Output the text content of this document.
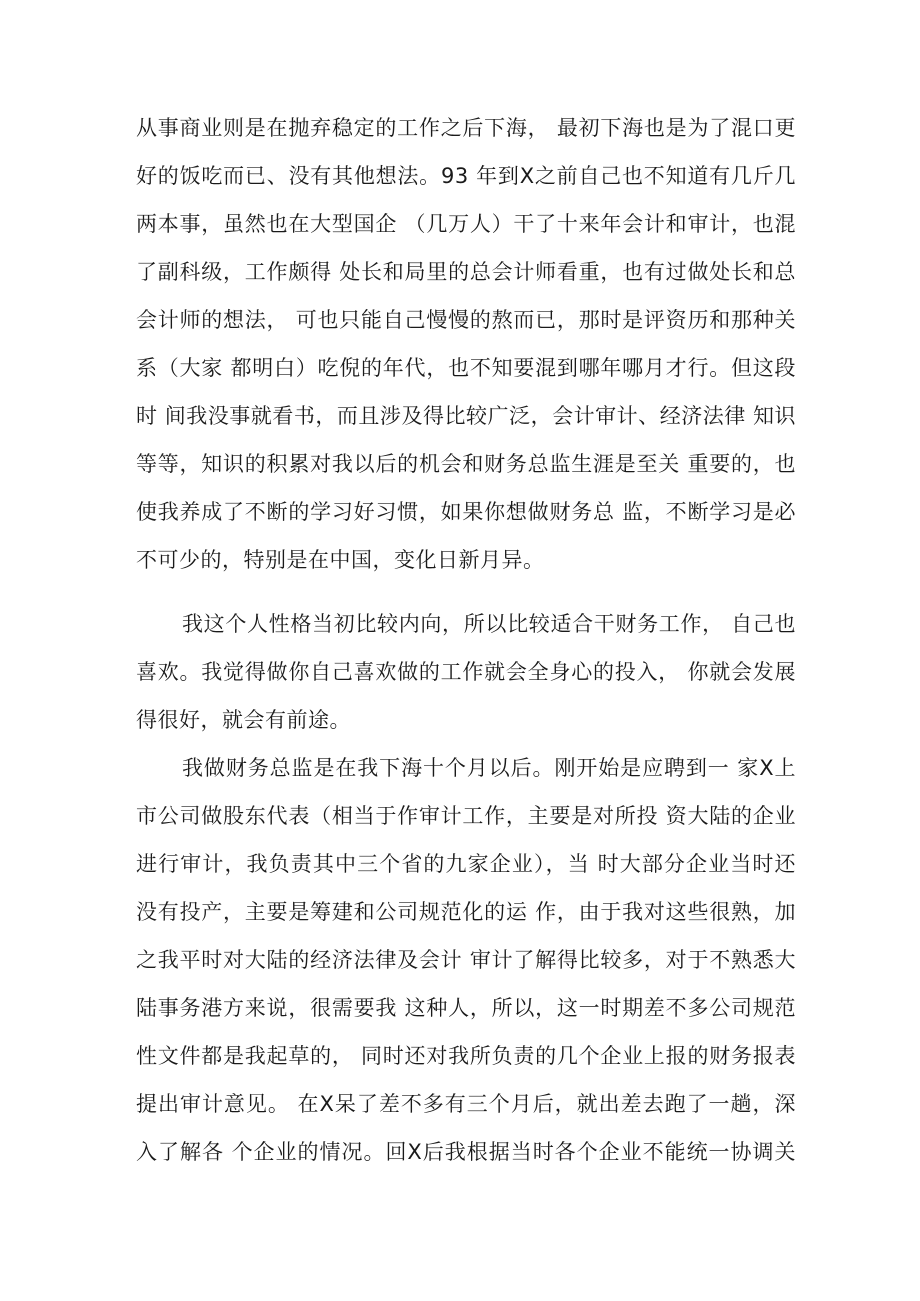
从事商业则是在抛弃稳定的工作之后下海， 最初下海也是为了混口更
好的饭吃而已、没有其他想法。93 年到X之前自己也不知道有几斤几
两本事，虽然也在大型国企 （几万人）干了十来年会计和审计，也混
了副科级，工作颇得 处长和局里的总会计师看重，也有过做处长和总
会计师的想法， 可也只能自己慢慢的熬而已，那时是评资历和那种关
系（大家 都明白）吃倪的年代，也不知要混到哪年哪月才行。但这段
时 间我没事就看书，而且涉及得比较广泛，会计审计、经济法律 知识
等等，知识的积累对我以后的机会和财务总监生涯是至关 重要的，也
使我养成了不断的学习好习惯，如果你想做财务总 监，不断学习是必
不可少的，特别是在中国，变化日新月异。
我这个人性格当初比较内向，所以比较适合干财务工作， 自己也
喜欢。我觉得做你自己喜欢做的工作就会全身心的投入， 你就会发展
得很好，就会有前途。
我做财务总监是在我下海十个月以后。刚开始是应聘到一 家X上
市公司做股东代表（相当于作审计工作，主要是对所投 资大陆的企业
进行审计，我负责其中三个省的九家企业），当 时大部分企业当时还
没有投产，主要是筹建和公司规范化的运 作，由于我对这些很熟，加
之我平时对大陆的经济法律及会计 审计了解得比较多，对于不熟悉大
陆事务港方来说，很需要我 这种人，所以，这一时期差不多公司规范
性文件都是我起草的， 同时还对我所负责的几个企业上报的财务报表
提出审计意见。 在X呆了差不多有三个月后，就出差去跑了一趟，深
入了解各 个企业的情况。回X后我根据当时各个企业不能统一协调关
